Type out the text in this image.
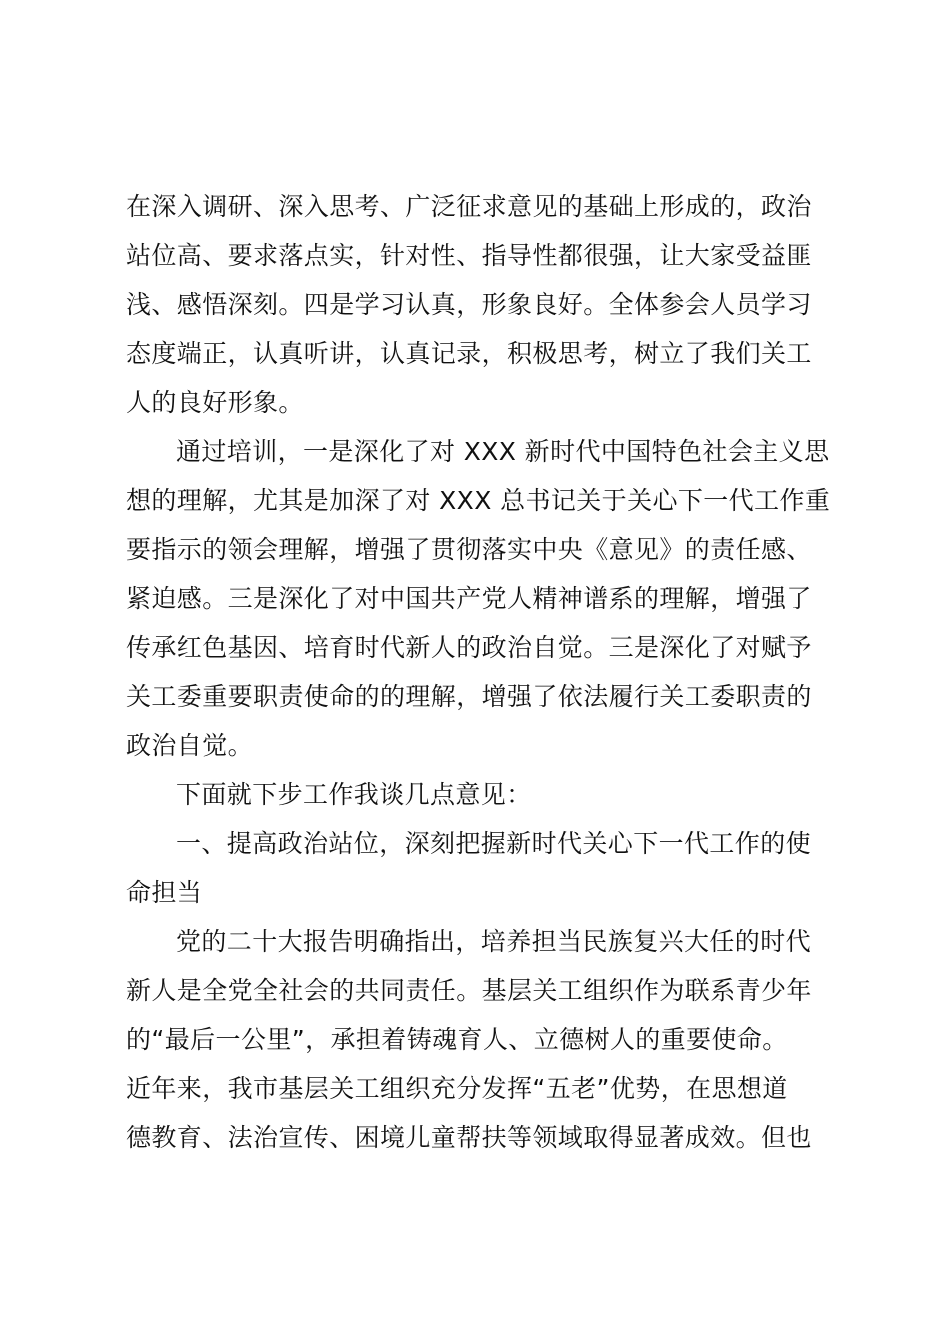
在深入调研、深入思考、广泛征求意见的基础上形成的，政治
站位高、要求落点实，针对性、指导性都很强，让大家受益匪
浅、感悟深刻。四是学习认真，形象良好。全体参会人员学习
态度端正，认真听讲，认真记录，积极思考，树立了我们关工
人的良好形象。
通过培训，一是深化了对 XXX 新时代中国特色社会主义思
想的理解，尤其是加深了对 XXX 总书记关于关心下一代工作重
要指示的领会理解，增强了贯彻落实中央《意见》的责任感、
紧迫感。三是深化了对中国共产党人精神谱系的理解，增强了
传承红色基因、培育时代新人的政治自觉。三是深化了对赋予
关工委重要职责使命的的理解，增强了依法履行关工委职责的
政治自觉。
下面就下步工作我谈几点意见：
一、提高政治站位，深刻把握新时代关心下一代工作的使
命担当
党的二十大报告明确指出，培养担当民族复兴大任的时代
新人是全党全社会的共同责任。基层关工组织作为联系青少年
的“最后一公里”，承担着铸魂育人、立德树人的重要使命。
近年来，我市基层关工组织充分发挥“五老”优势，在思想道
德教育、法治宣传、困境儿童帮扶等领域取得显著成效。但也
